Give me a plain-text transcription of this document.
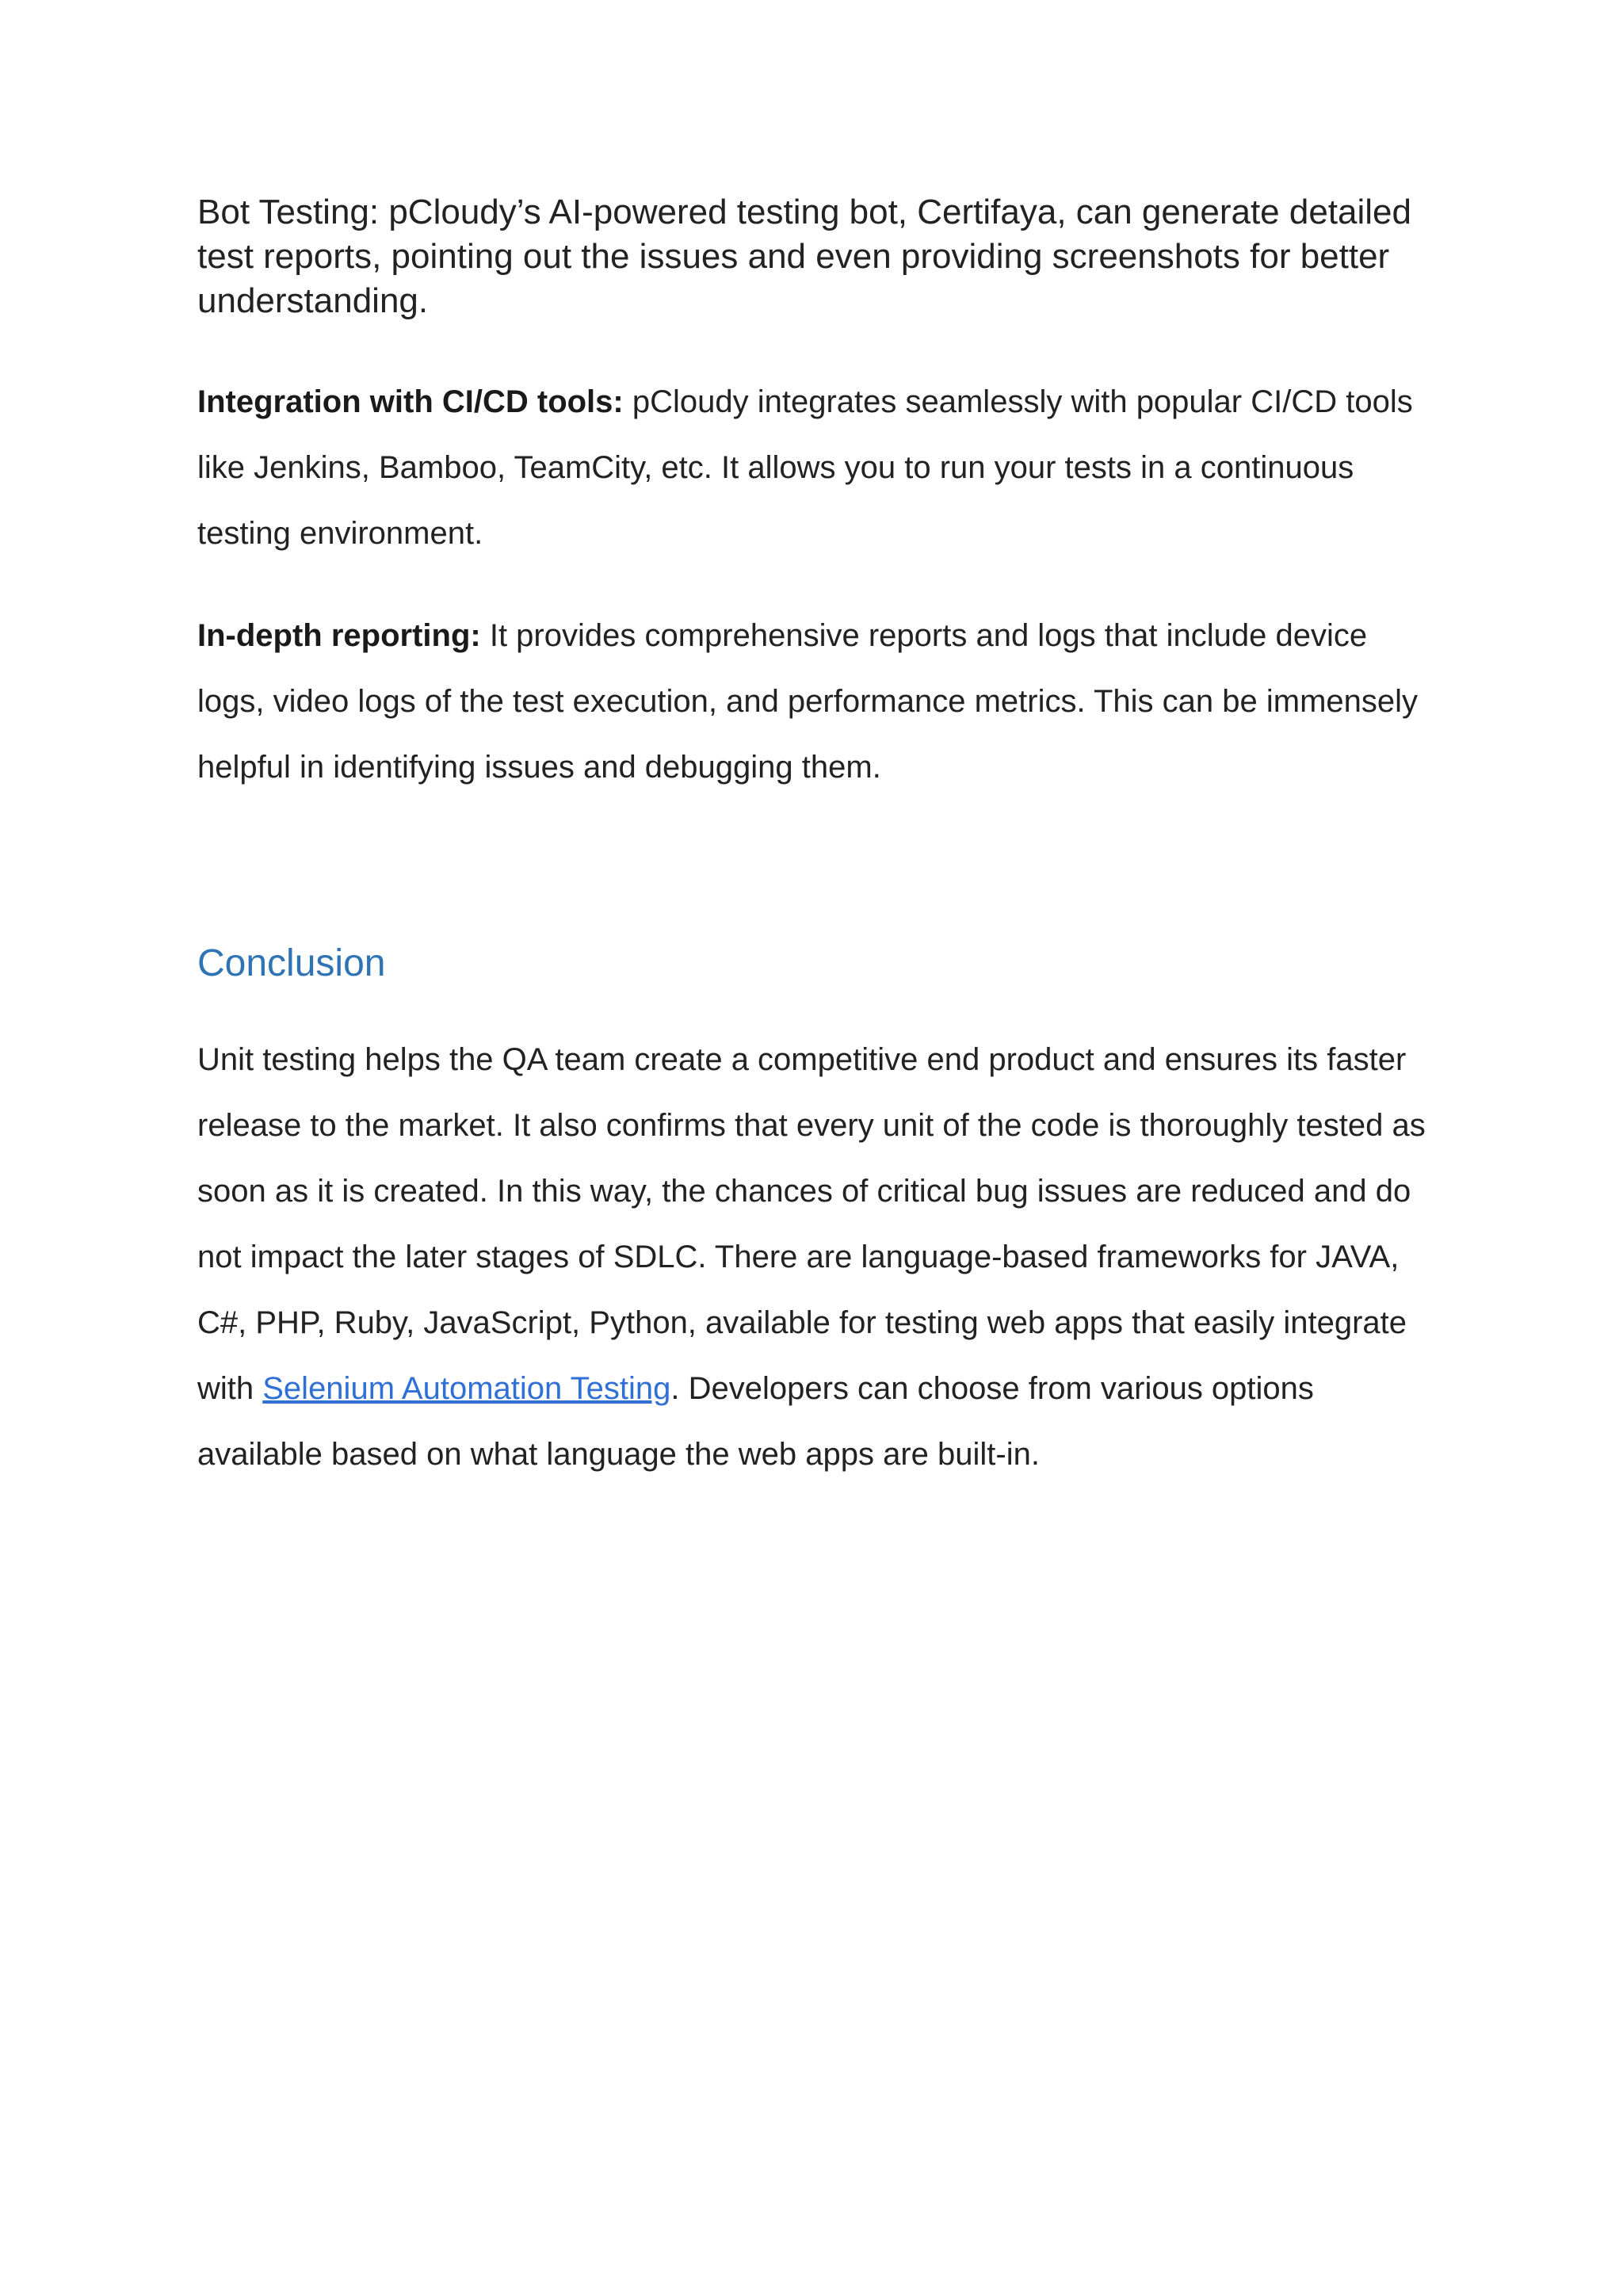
Bot Testing: pCloudy’s AI-powered testing bot, Certifaya, can generate detailed test reports, pointing out the issues and even providing screenshots for better understanding.

Integration with CI/CD tools: pCloudy integrates seamlessly with popular CI/CD tools like Jenkins, Bamboo, TeamCity, etc. It allows you to run your tests in a continuous testing environment.

In-depth reporting: It provides comprehensive reports and logs that include device logs, video logs of the test execution, and performance metrics. This can be immensely helpful in identifying issues and debugging them.

Conclusion

Unit testing helps the QA team create a competitive end product and ensures its faster release to the market. It also confirms that every unit of the code is thoroughly tested as soon as it is created. In this way, the chances of critical bug issues are reduced and do not impact the later stages of SDLC. There are language-based frameworks for JAVA, C#, PHP, Ruby, JavaScript, Python, available for testing web apps that easily integrate with Selenium Automation Testing. Developers can choose from various options available based on what language the web apps are built-in.
